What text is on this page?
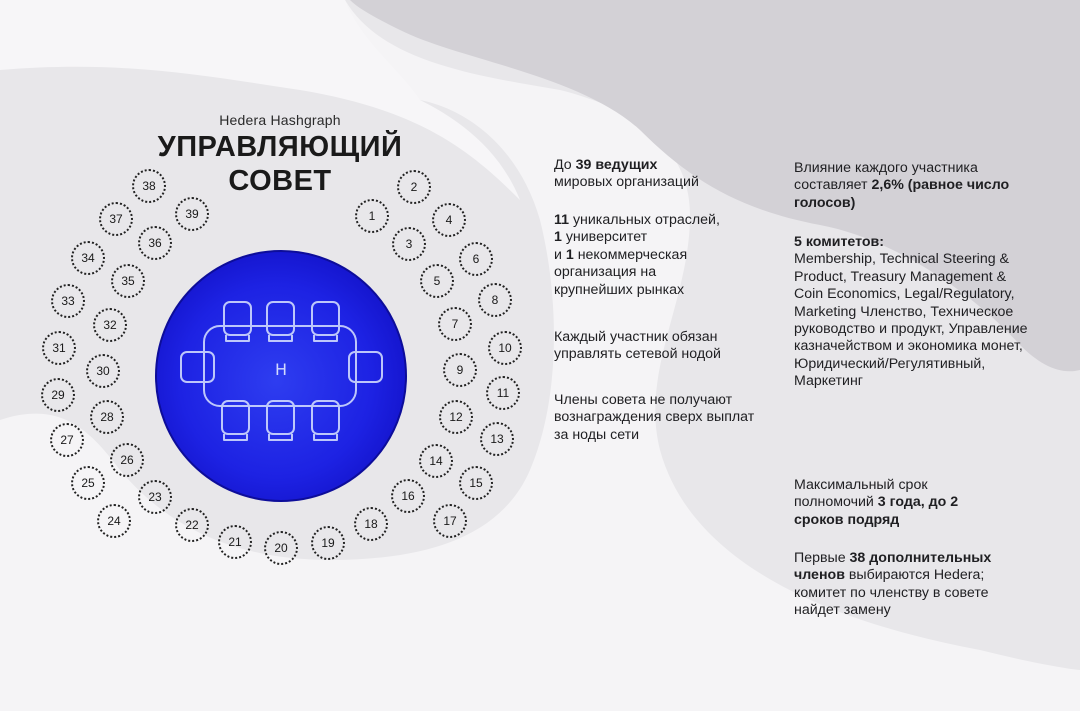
Hedera Hashgraph
УПРАВЛЯЮЩИЙ
СОВЕТ
H
1
2
3
4
5
6
7
8
9
10
11
12
13
14
15
16
17
18
19
20
21
22
23
24
25
26
27
28
29
30
31
32
33
34
35
36
37
38
39

До 39 ведущих

мировых организаций

11 уникальных отраслей,

1 университет

и 1 некоммерческая организация на крупнейших рынках

Каждый участник обязан управлять сетевой нодой
Члены совета не получают вознаграждения сверх выплат за ноды сети
Влияние каждого участника составляет 2,6% (равное число голосов)
5 комитетов:
Membership, Technical Steering & Product, Treasury Management & Coin Economics, Legal/Regulatory, Marketing Членство, Техническое руководство и продукт, Управление казначейством и экономика монет, Юридический/Регулятивный, Маркетинг
Максимальный срок полномочий 3 года, до 2 сроков подряд
Первые 38 дополнительных членов выбираются Hedera; комитет по членству в совете найдет замену
